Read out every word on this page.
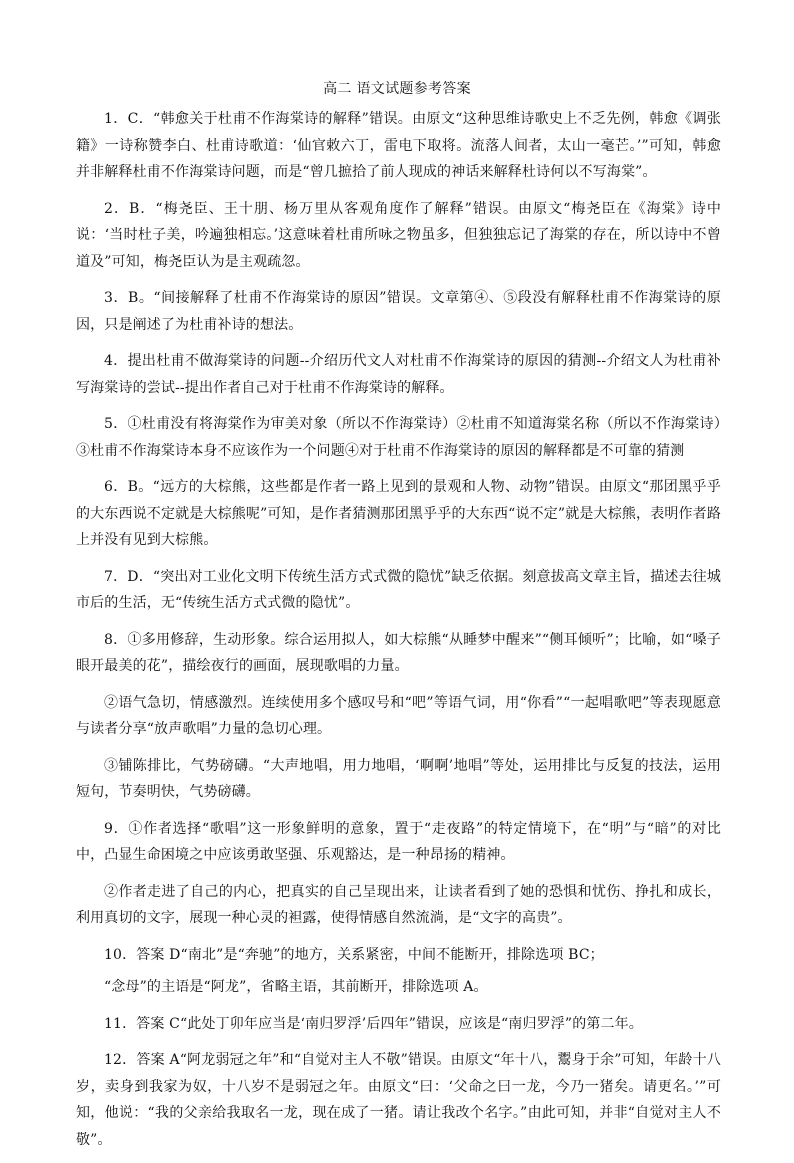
高二 语文试题参考答案

1．C．“韩愈关于杜甫不作海棠诗的解释”错误。由原文“这种思维诗歌史上不乏先例，韩愈《调张籍》一诗称赞李白、杜甫诗歌道：‘仙官敕六丁，雷电下取将。流落人间者，太山一毫芒。’”可知，韩愈并非解释杜甫不作海棠诗问题，而是“曾几摭拾了前人现成的神话来解释杜诗何以不写海棠”。

2．B．“梅尧臣、王十朋、杨万里从客观角度作了解释”错误。由原文“梅尧臣在《海棠》诗中说：‘当时杜子美，吟遍独相忘。’这意味着杜甫所咏之物虽多，但独独忘记了海棠的存在，所以诗中不曾道及”可知，梅尧臣认为是主观疏忽。

3．B。“间接解释了杜甫不作海棠诗的原因”错误。文章第④、⑤段没有解释杜甫不作海棠诗的原因，只是阐述了为杜甫补诗的想法。

4．提出杜甫不做海棠诗的问题--介绍历代文人对杜甫不作海棠诗的原因的猜测--介绍文人为杜甫补写海棠诗的尝试--提出作者自己对于杜甫不作海棠诗的解释。

5．①杜甫没有将海棠作为审美对象（所以不作海棠诗）②杜甫不知道海棠名称（所以不作海棠诗）③杜甫不作海棠诗本身不应该作为一个问题④对于杜甫不作海棠诗的原因的解释都是不可靠的猜测

6．B。“远方的大棕熊，这些都是作者一路上见到的景观和人物、动物”错误。由原文“那团黑乎乎的大东西说不定就是大棕熊呢”可知，是作者猜测那团黑乎乎的大东西“说不定”就是大棕熊，表明作者路上并没有见到大棕熊。

7．D．“突出对工业化文明下传统生活方式式微的隐忧”缺乏依据。刻意拔高文章主旨，描述去往城市后的生活，无“传统生活方式式微的隐忧”。

8．①多用修辞，生动形象。综合运用拟人，如大棕熊“从睡梦中醒来”“侧耳倾听”；比喻，如“嗓子眼开最美的花”，描绘夜行的画面，展现歌唱的力量。

②语气急切，情感激烈。连续使用多个感叹号和“吧”等语气词，用“你看”“一起唱歌吧”等表现愿意与读者分享“放声歌唱”力量的急切心理。

③铺陈排比，气势磅礴。“大声地唱，用力地唱，‘啊啊’地唱”等处，运用排比与反复的技法，运用短句，节奏明快，气势磅礴。

9．①作者选择“歌唱”这一形象鲜明的意象，置于“走夜路”的特定情境下，在“明”与“暗”的对比中，凸显生命困境之中应该勇敢坚强、乐观豁达，是一种昂扬的精神。

②作者走进了自己的内心，把真实的自己呈现出来，让读者看到了她的恐惧和忧伤、挣扎和成长，利用真切的文字，展现一种心灵的袒露，使得情感自然流淌，是“文字的高贵”。

10．答案 D“南北”是“奔驰”的地方，关系紧密，中间不能断开，排除选项 BC；

“念母”的主语是“阿龙”，省略主语，其前断开，排除选项 A。

11．答案 C“此处丁卯年应当是‘南归罗浮’后四年”错误，应该是“南归罗浮”的第二年。

12．答案 A“阿龙弱冠之年”和“自觉对主人不敬”错误。由原文“年十八，鬻身于余”可知，年龄十八岁，卖身到我家为奴，十八岁不是弱冠之年。由原文“曰：‘父命之曰一龙，今乃一猪矣。请更名。’”可知，他说：“我的父亲给我取名一龙，现在成了一猪。请让我改个名字。”由此可知，并非“自觉对主人不敬”。
